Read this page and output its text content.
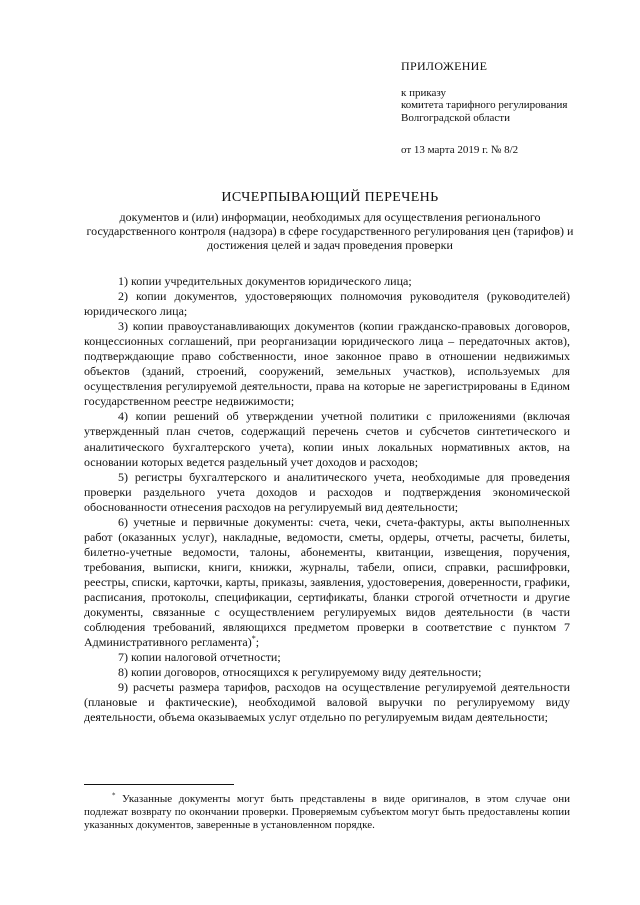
ПРИЛОЖЕНИЕ
к приказу
комитета тарифного регулирования
Волгоградской области
от 13 марта 2019 г. № 8/2
ИСЧЕРПЫВАЮЩИЙ ПЕРЕЧЕНЬ
документов и (или) информации, необходимых для осуществления регионального государственного контроля (надзора) в сфере государственного регулирования цен (тарифов) и достижения целей и задач проведения проверки

1) копии учредительных документов юридического лица;

2) копии документов, удостоверяющих полномочия руководителя (руководителей) юридического лица;

3) копии правоустанавливающих документов (копии гражданско-правовых договоров, концессионных соглашений, при реорганизации юридического лица – передаточных актов), подтверждающие право собственности, иное законное право в отношении недвижимых объектов (зданий, строений, сооружений, земельных участков), используемых для осуществления регулируемой деятельности, права на которые не зарегистрированы в Едином государственном реестре недвижимости;

4) копии решений об утверждении учетной политики с приложениями (включая утвержденный план счетов, содержащий перечень счетов и субсчетов синтетического и аналитического бухгалтерского учета), копии иных локальных нормативных актов, на основании которых ведется раздельный учет доходов и расходов;

5) регистры бухгалтерского и аналитического учета, необходимые для проведения проверки раздельного учета доходов и расходов и подтверждения экономической обоснованности отнесения расходов на регулируемый вид деятельности;

6) учетные и первичные документы: счета, чеки, счета-фактуры, акты выполненных работ (оказанных услуг), накладные, ведомости, сметы, ордеры, отчеты, расчеты, билеты, билетно-учетные ведомости, талоны, абонементы, квитанции, извещения, поручения, требования, выписки, книги, книжки, журналы, табели, описи, справки, расшифровки, реестры, списки, карточки, карты, приказы, заявления, удостоверения, доверенности, графики, расписания, протоколы, спецификации, сертификаты, бланки строгой отчетности и другие документы, связанные с осуществлением регулируемых видов деятельности (в части соблюдения требований, являющихся предметом проверки в соответствие с пунктом 7 Административного регламента)*;

7) копии налоговой отчетности;

8) копии договоров, относящихся к регулируемому виду деятельности;

9) расчеты размера тарифов, расходов на осуществление регулируемой деятельности (плановые и фактические), необходимой валовой выручки по регулируемому виду деятельности, объема оказываемых услуг отдельно по регулируемым видам деятельности;

* Указанные документы могут быть представлены в виде оригиналов, в этом случае они подлежат возврату по окончании проверки. Проверяемым субъектом могут быть предоставлены копии указанных документов, заверенные в установленном порядке.
